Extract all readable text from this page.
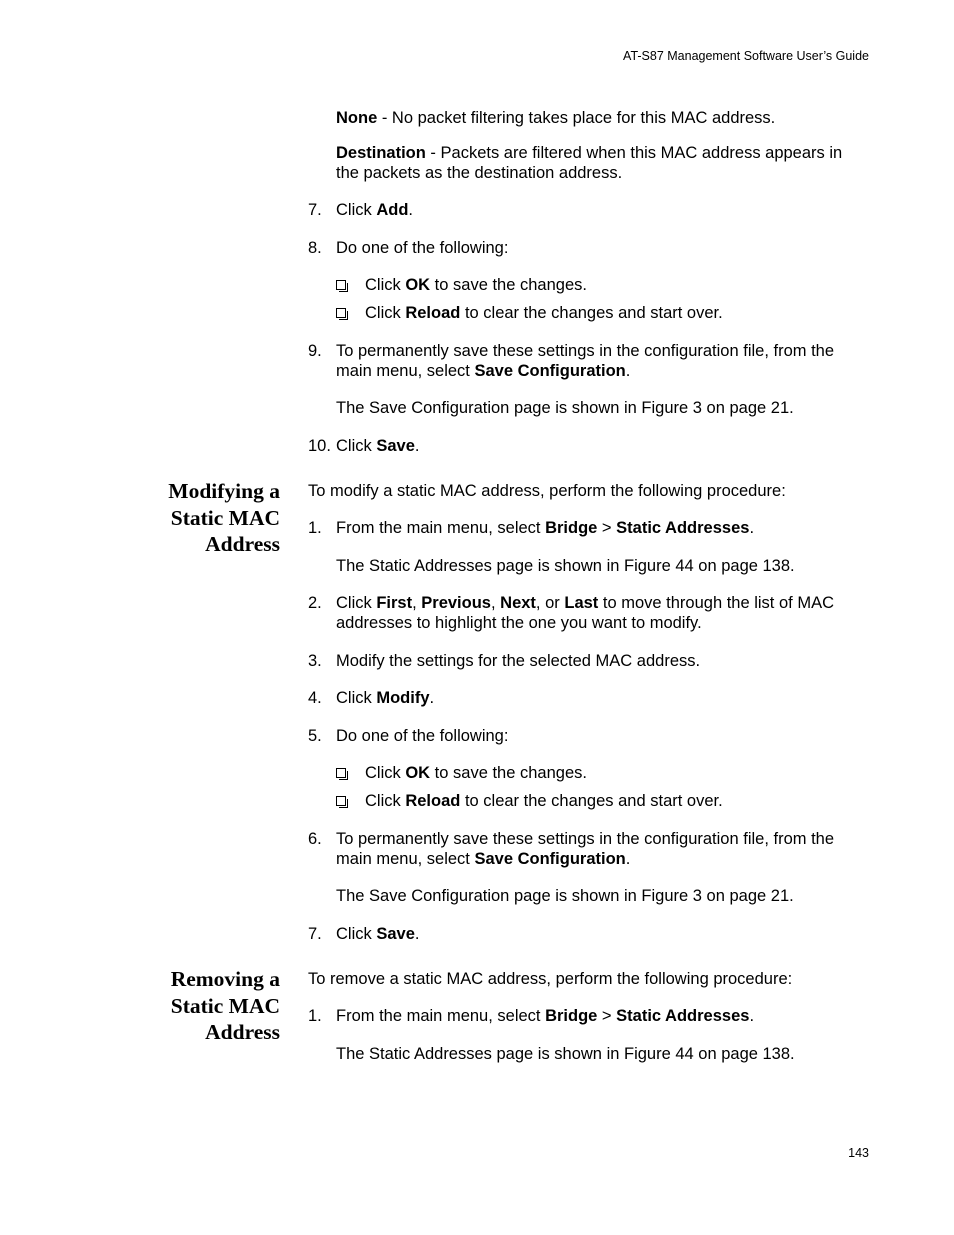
AT-S87 Management Software User’s Guide
143
None - No packet filtering takes place for this MAC address.
Destination - Packets are filtered when this MAC address appears in
the packets as the destination address.
7. Click Add.
8. Do one of the following:
Click OK to save the changes.
Click Reload to clear the changes and start over.
9. To permanently save these settings in the configuration file, from the
main menu, select Save Configuration.
The Save Configuration page is shown in Figure 3 on page 21.
10. Click Save.
Modifying a
Static MAC
Address
To modify a static MAC address, perform the following procedure:
1. From the main menu, select Bridge > Static Addresses.
The Static Addresses page is shown in Figure 44 on page 138.
2. Click First, Previous, Next, or Last to move through the list of MAC
addresses to highlight the one you want to modify.
3. Modify the settings for the selected MAC address.
4. Click Modify.
5. Do one of the following:
Click OK to save the changes.
Click Reload to clear the changes and start over.
6. To permanently save these settings in the configuration file, from the
main menu, select Save Configuration.
The Save Configuration page is shown in Figure 3 on page 21.
7. Click Save.
Removing a
Static MAC
Address
To remove a static MAC address, perform the following procedure:
1. From the main menu, select Bridge > Static Addresses.
The Static Addresses page is shown in Figure 44 on page 138.
